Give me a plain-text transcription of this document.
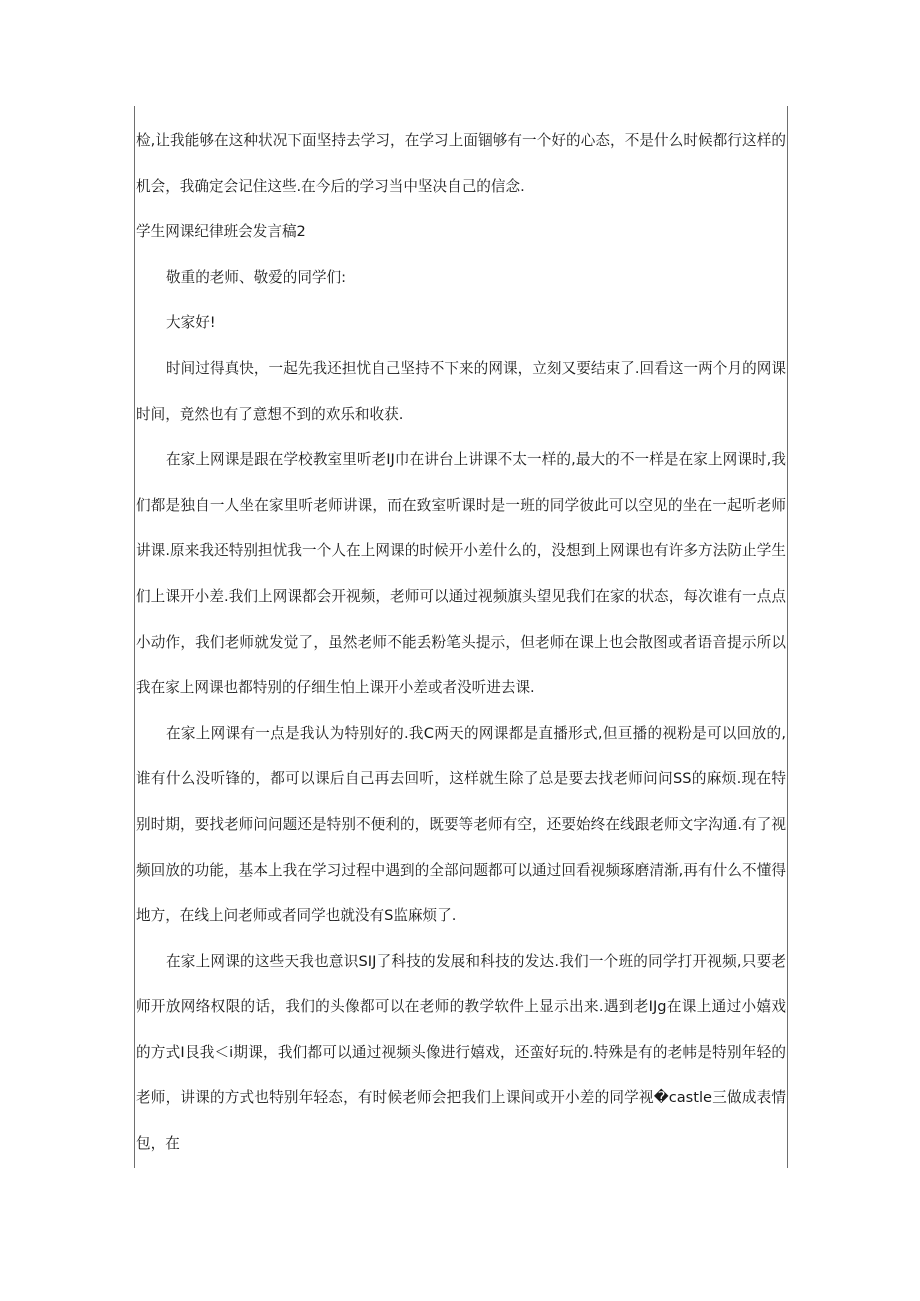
检,让我能够在这种状况下面坚持去学习，在学习上面锢够有一个好的心态，不是什么时候都行这样的机会，我确定会记住这些.在今后的学习当中坚决自己的信念.

学生网课纪律班会发言稿2

敬重的老师、敬爱的同学们:

大家好!

时间过得真快，一起先我还担忧自己坚持不下来的网课，立刻又要结束了.回看这一两个月的网课时间，竟然也有了意想不到的欢乐和收获.

在家上网课是跟在学校教室里听老IJ巾在讲台上讲课不太一样的,最大的不一样是在家上网课时,我们都是独自一人坐在家里听老师讲课，而在致室听课时是一班的同学彼此可以空见的坐在一起听老师讲课.原来我还特别担忧我一个人在上网课的时候开小差什么的，没想到上网课也有许多方法防止学生们上课开小差.我们上网课都会开视频，老师可以通过视频旗头望见我们在家的状态，每次谁有一点点小动作，我们老师就发觉了，虽然老师不能丢粉笔头提示，但老师在课上也会散图或者语音提示所以我在家上网课也都特别的仔细生怕上课开小差或者没听进去课.

在家上网课有一点是我认为特别好的.我C两天的网课都是直播形式,但亘播的视粉是可以回放的,谁有什么没听锋的，都可以课后自己再去回听，这样就生除了总是要去找老师问问SS的麻烦.现在特别时期，要找老师问问题还是特别不便利的，既要等老师有空，还要始终在线跟老师文字沟通.有了视频回放的功能，基本上我在学习过程中遇到的全部问题都可以通过回看视频琢磨清渐,再有什么不懂得地方，在线上问老师或者同学也就没有S监麻烦了.

在家上网课的这些天我也意识SIJ了科技的发展和科技的发达.我们一个班的同学打开视频,只要老师开放网络权限的话，我们的头像都可以在老师的教学软件上显示出来.遇到老IJg在课上通过小嬉戏的方式I艮我＜i期课，我们都可以通过视频头像进行嬉戏，还蛮好玩的.特殊是有的老帏是特别年轻的老师，讲课的方式也特别年轻态，有时候老师会把我们上课间或开小差的同学视�castle三做成表情包，在
